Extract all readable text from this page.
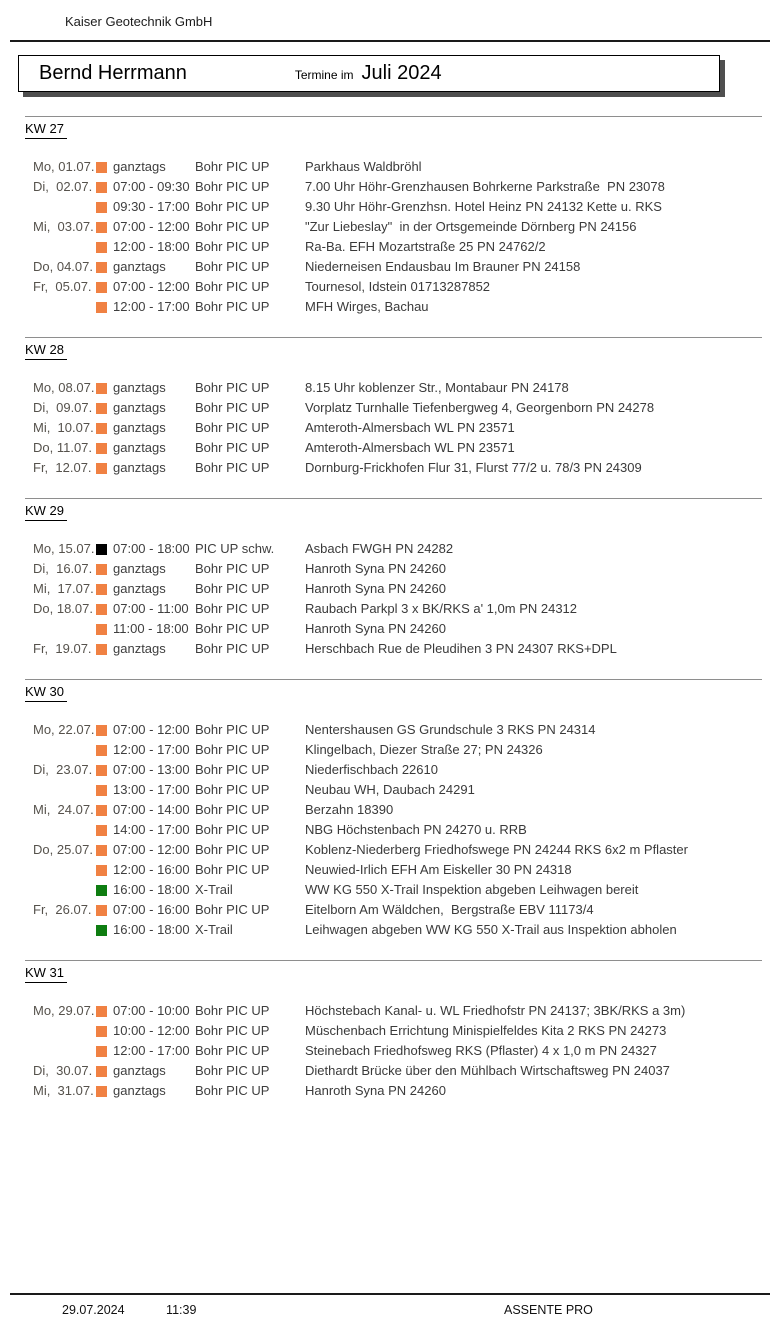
Kaiser Geotechnik GmbH
Bernd Herrmann	Termine im Juli 2024
KW 27
Mo, 01.07. ganztags	Bohr PIC UP	Parkhaus Waldbröhl
Di,  02.07. 07:00 - 09:30 Bohr PIC UP	7.00 Uhr Höhr-Grenzhausen Bohrkerne Parkstraße  PN 23078
09:30 - 17:00 Bohr PIC UP	9.30 Uhr Höhr-Grenzhsn. Hotel Heinz PN 24132 Kette u. RKS
Mi,  03.07. 07:00 - 12:00 Bohr PIC UP	"Zur Liebeslay"  in der Ortsgemeinde Dörnberg PN 24156
12:00 - 18:00 Bohr PIC UP	Ra-Ba. EFH Mozartstraße 25 PN 24762/2
Do, 04.07. ganztags	Bohr PIC UP	Niederneisen Endausbau Im Brauner PN 24158
Fr,  05.07.	07:00 - 12:00 Bohr PIC UP	Tournesol, Idstein 01713287852
12:00 - 17:00 Bohr PIC UP	MFH Wirges, Bachau
KW 28
Mo, 08.07. ganztags	Bohr PIC UP	8.15 Uhr koblenzer Str., Montabaur PN 24178
Di,  09.07. ganztags	Bohr PIC UP	Vorplatz Turnhalle Tiefenbergweg 4, Georgenborn PN 24278
Mi,  10.07. ganztags	Bohr PIC UP	Amteroth-Almersbach WL PN 23571
Do, 11.07.	ganztags	Bohr PIC UP	Amteroth-Almersbach WL PN 23571
Fr,  12.07.	ganztags	Bohr PIC UP	Dornburg-Frickhofen Flur 31, Flurst 77/2 u. 78/3 PN 24309
KW 29
Mo, 15.07. 07:00 - 18:00 PIC UP schw.	Asbach FWGH PN 24282
Di,  16.07. ganztags	Bohr PIC UP	Hanroth Syna PN 24260
Mi,  17.07. ganztags	Bohr PIC UP	Hanroth Syna PN 24260
Do, 18.07. 07:00 - 11:00 Bohr PIC UP	Raubach Parkpl 3 x BK/RKS a' 1,0m PN 24312
11:00 - 18:00 Bohr PIC UP	Hanroth Syna PN 24260
Fr,  19.07.	ganztags	Bohr PIC UP	Herschbach Rue de Pleudihen 3 PN 24307 RKS+DPL
KW 30
Mo, 22.07. 07:00 - 12:00 Bohr PIC UP	Nentershausen GS Grundschule 3 RKS PN 24314
12:00 - 17:00 Bohr PIC UP	Klingelbach, Diezer Straße 27; PN 24326
Di,  23.07. 07:00 - 13:00 Bohr PIC UP	Niederfischbach 22610
13:00 - 17:00 Bohr PIC UP	Neubau WH, Daubach 24291
Mi,  24.07. 07:00 - 14:00 Bohr PIC UP	Berzahn 18390
14:00 - 17:00 Bohr PIC UP	NBG Höchstenbach PN 24270 u. RRB
Do, 25.07. 07:00 - 12:00 Bohr PIC UP	Koblenz-Niederberg Friedhofswege PN 24244 RKS 6x2 m Pflaster
12:00 - 16:00 Bohr PIC UP	Neuwied-Irlich EFH Am Eiskeller 30 PN 24318
16:00 - 18:00 X-Trail	WW KG 550 X-Trail Inspektion abgeben Leihwagen bereit
Fr,  26.07.	07:00 - 16:00 Bohr PIC UP	Eitelborn Am Wäldchen,  Bergstraße EBV 11173/4
16:00 - 18:00 X-Trail	Leihwagen abgeben WW KG 550 X-Trail aus Inspektion abholen
KW 31
Mo, 29.07. 07:00 - 10:00 Bohr PIC UP	Höchstebach Kanal- u. WL Friedhofstr PN 24137; 3BK/RKS a 3m)
10:00 - 12:00 Bohr PIC UP	Müschenbach Errichtung Minispielfeldes Kita 2 RKS PN 24273
12:00 - 17:00 Bohr PIC UP	Steinebach Friedhofsweg RKS (Pflaster) 4 x 1,0 m PN 24327
Di,  30.07. ganztags	Bohr PIC UP	Diethardt Brücke über den Mühlbach Wirtschaftsweg PN 24037
Mi,  31.07. ganztags	Bohr PIC UP	Hanroth Syna PN 24260
29.07.2024	11:39	ASSENTE PRO
